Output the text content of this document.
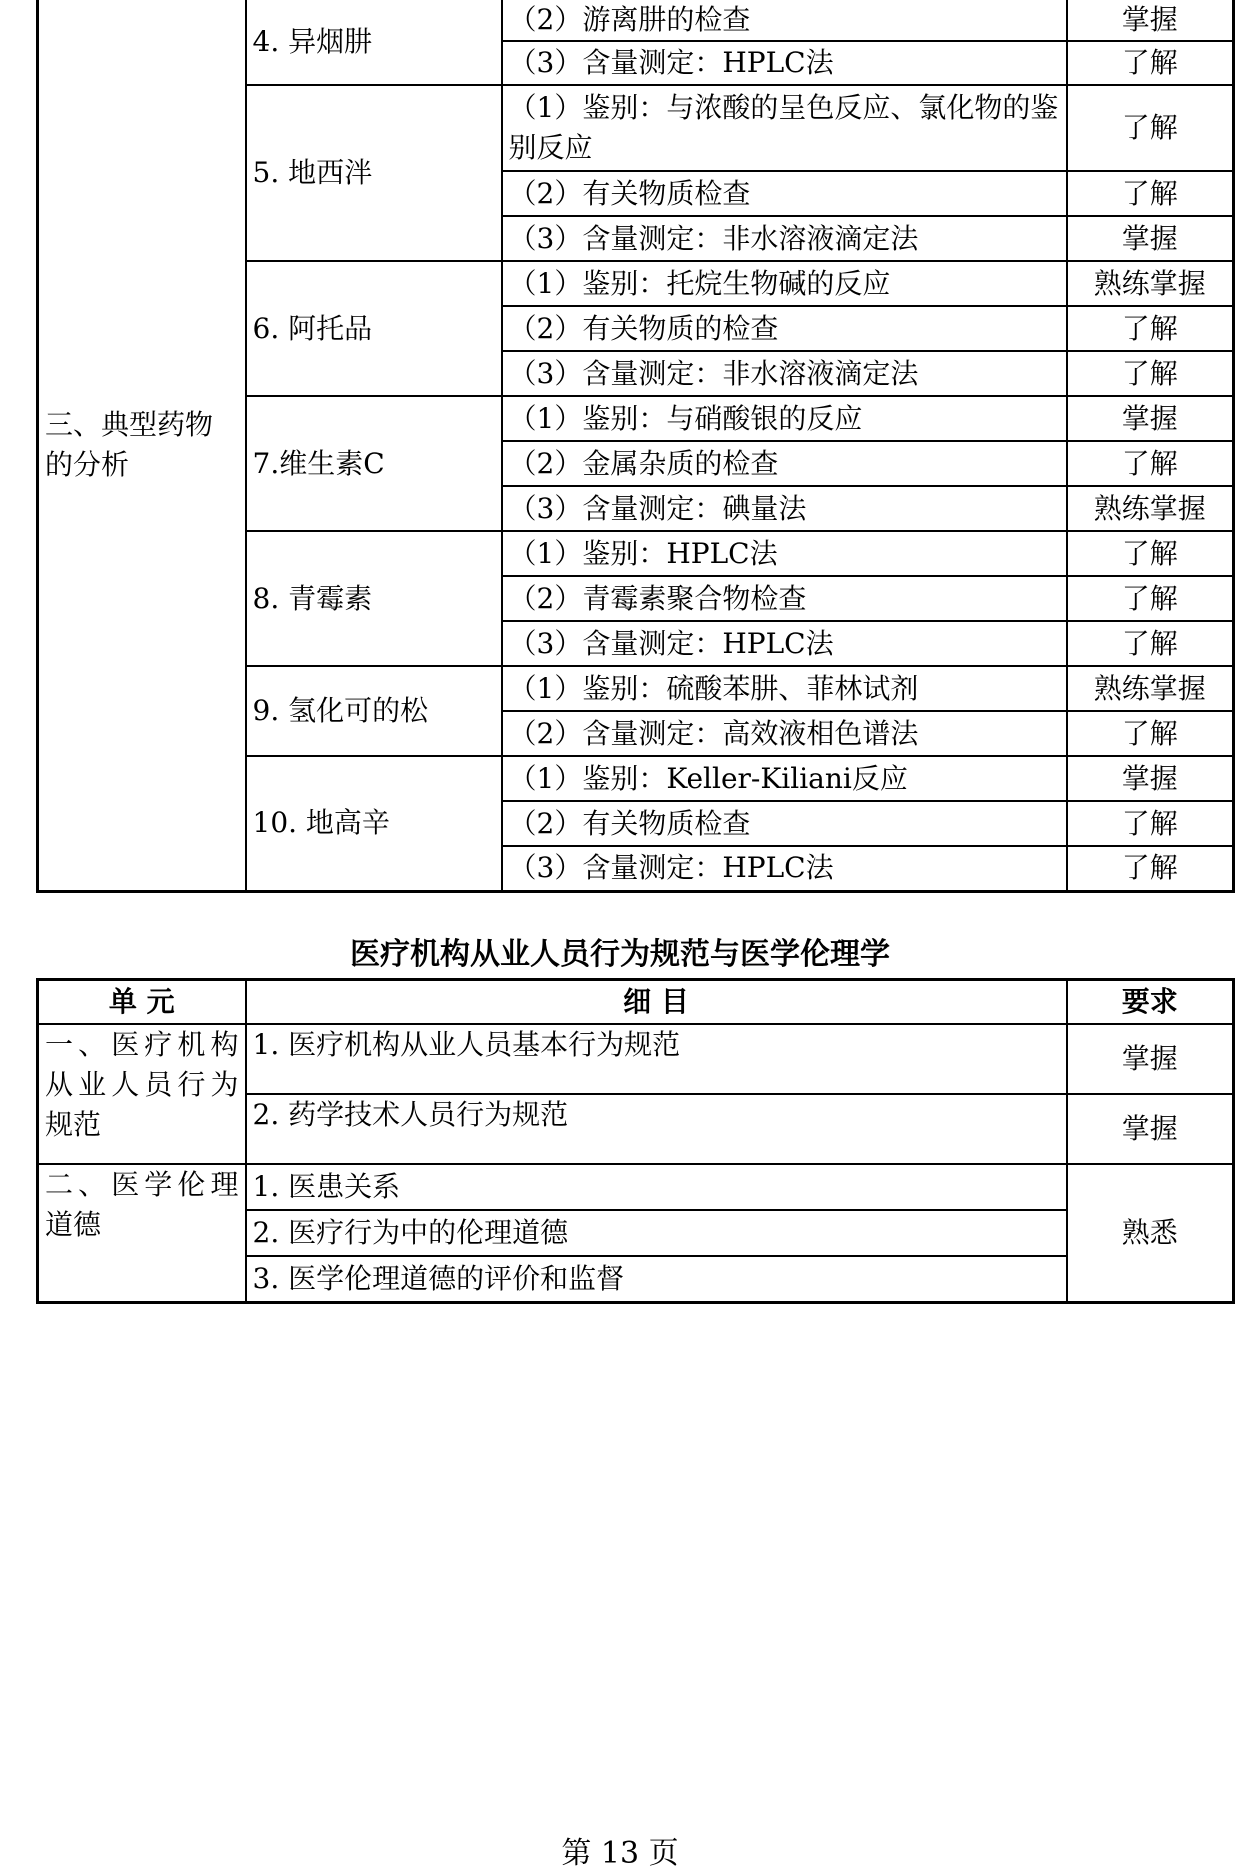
三、典型药物的分析	4. 异烟肼	（2）游离肼的检查	掌握
		（3）含量测定：HPLC法	了解
	5. 地西泮	（1）鉴别：与浓酸的呈色反应、氯化物的鉴别反应	了解
		（2）有关物质检查	了解
		（3）含量测定：非水溶液滴定法	掌握
	6. 阿托品	（1）鉴别：托烷生物碱的反应	熟练掌握
		（2）有关物质的检查	了解
		（3）含量测定：非水溶液滴定法	了解
	7.维生素C	（1）鉴别：与硝酸银的反应	掌握
		（2）金属杂质的检查	了解
		（3）含量测定：碘量法	熟练掌握
	8. 青霉素	（1）鉴别：HPLC法	了解
		（2）青霉素聚合物检查	了解
		（3）含量测定：HPLC法	了解
	9. 氢化可的松	（1）鉴别：硫酸苯肼、菲林试剂	熟练掌握
		（2）含量测定：高效液相色谱法	了解
	10. 地高辛	（1）鉴别：Keller-Kiliani反应	掌握
		（2）有关物质检查	了解
		（3）含量测定：HPLC法	了解
医疗机构从业人员行为规范与医学伦理学
单 元	细 目	要求
一、医疗机构从业人员行为规范	1. 医疗机构从业人员基本行为规范	掌握
	2. 药学技术人员行为规范	掌握
二、医学伦理道德	1. 医患关系	熟悉
	2. 医疗行为中的伦理道德	
	3. 医学伦理道德的评价和监督	
第 13 页
